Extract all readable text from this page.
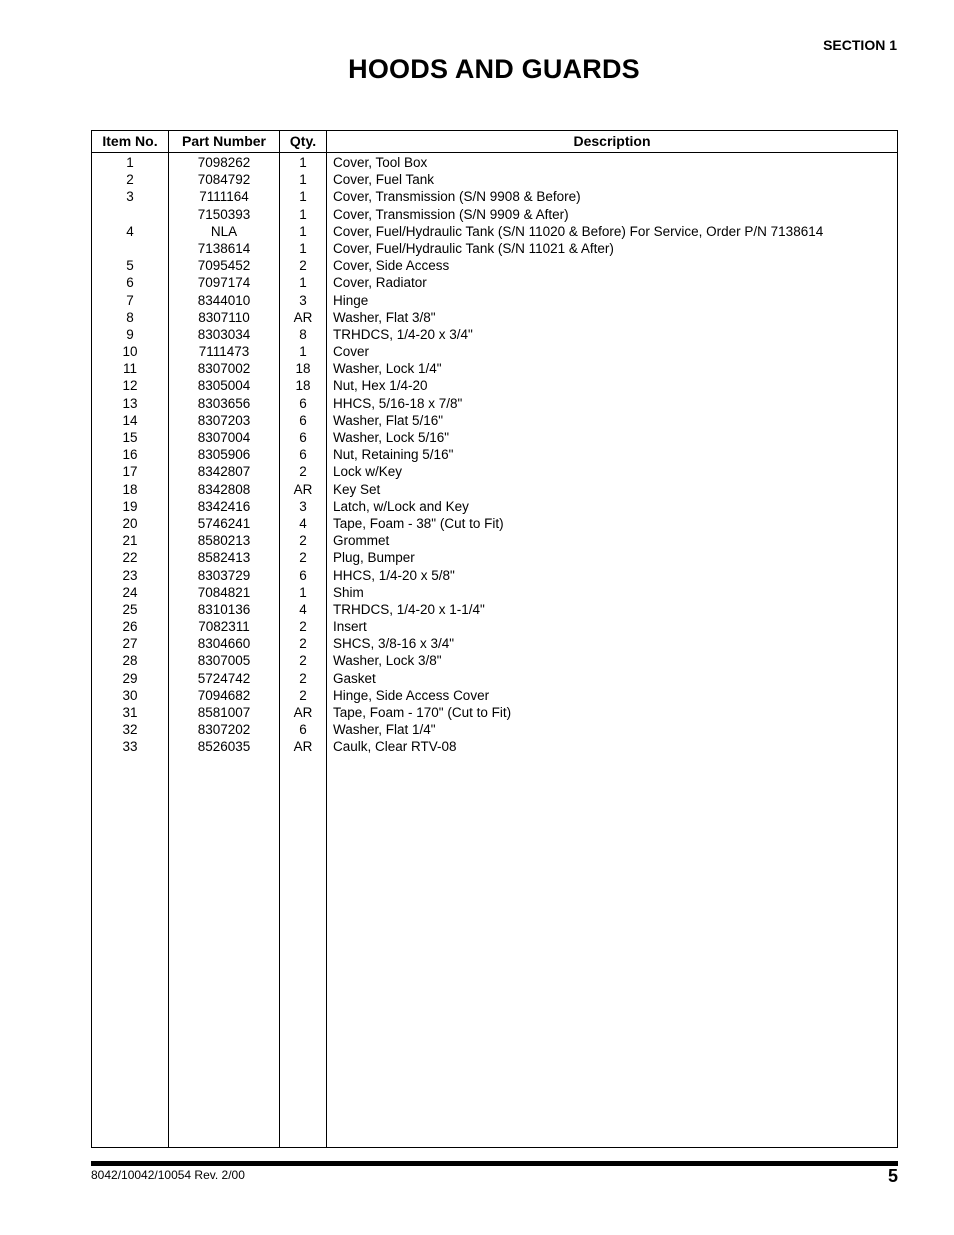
SECTION 1
HOODS AND GUARDS
Item No.	Part Number	Qty.	Description
1	7098262	1	Cover, Tool Box
2	7084792	1	Cover, Fuel Tank
3	7111164	1	Cover, Transmission (S/N 9908 & Before)
7150393	1	Cover, Transmission (S/N 9909 & After)
4	NLA	1	Cover, Fuel/Hydraulic Tank (S/N 11020 & Before) For Service, Order P/N 7138614
7138614	1	Cover, Fuel/Hydraulic Tank (S/N 11021 & After)
5	7095452	2	Cover, Side Access
6	7097174	1	Cover, Radiator
7	8344010	3	Hinge
8	8307110	AR	Washer, Flat 3/8"
9	8303034	8	TRHDCS, 1/4-20 x 3/4"
10	7111473	1	Cover
11	8307002	18	Washer, Lock 1/4"
12	8305004	18	Nut, Hex 1/4-20
13	8303656	6	HHCS, 5/16-18 x 7/8"
14	8307203	6	Washer, Flat 5/16"
15	8307004	6	Washer, Lock 5/16"
16	8305906	6	Nut, Retaining 5/16"
17	8342807	2	Lock w/Key
18	8342808	AR	Key Set
19	8342416	3	Latch, w/Lock and Key
20	5746241	4	Tape, Foam - 38" (Cut to Fit)
21	8580213	2	Grommet
22	8582413	2	Plug, Bumper
23	8303729	6	HHCS, 1/4-20 x 5/8"
24	7084821	1	Shim
25	8310136	4	TRHDCS, 1/4-20 x 1-1/4"
26	7082311	2	Insert
27	8304660	2	SHCS, 3/8-16 x 3/4"
28	8307005	2	Washer, Lock 3/8"
29	5724742	2	Gasket
30	7094682	2	Hinge, Side Access Cover
31	8581007	AR	Tape, Foam - 170" (Cut to Fit)
32	8307202	6	Washer, Flat 1/4"
33	8526035	AR	Caulk, Clear RTV-08
8042/10042/10054 Rev. 2/00	5
